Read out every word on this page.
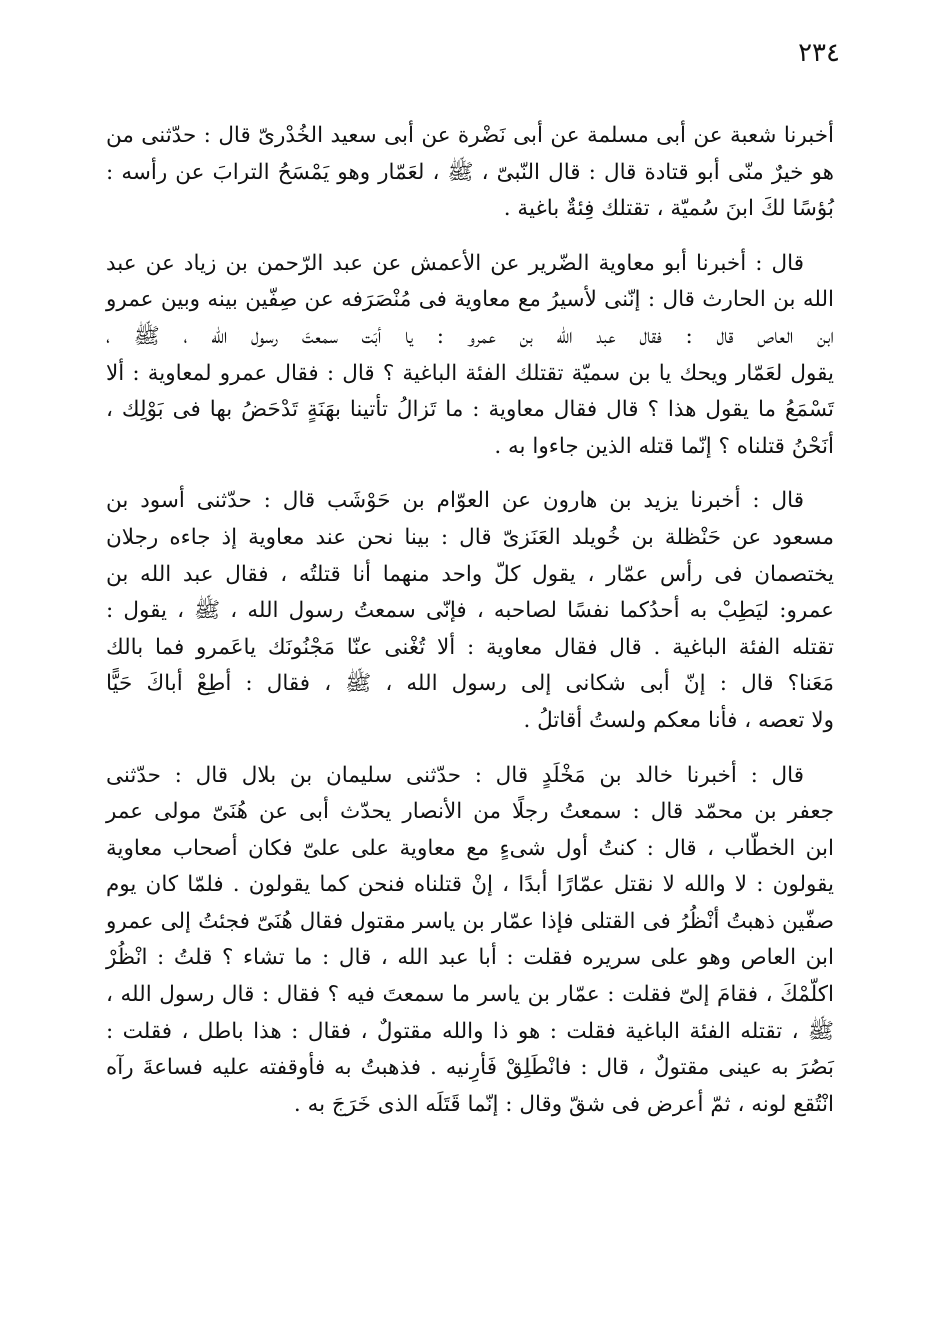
٢٣٤
أخبرنا شعبة عن أبى مسلمة عن أبى نَضْرة عن أبى سعيد الخُدْرىّ قال : حدّثنى من
هو خيرٌ منّى أبو قتادة قال : قال النّبىّ ، ﷺ ، لعَمّار وهو يَمْسَحُ الترابَ عن رأسه :
بُؤسًا لكَ ابنَ سُميّة ، تقتلك فِئةٌ باغية .
قال : أخبرنا أبو معاوية الضّرير عن الأعمش عن عبد الرّحمن بن زياد عن عبد
الله بن الحارث قال : إنّنى لأسيرُ مع معاوية فى مُنْصَرَفه عن صِفّين بينه وبين عمرو
ابن العاص قال : فقال عبد الله بن عمرو : يا أبَت سمعتَ رسول الله ، ﷺ ،
يقول لعَمّار ويحك يا بن سميّة تقتلك الفئة الباغية ؟ قال : فقال عمرو لمعاوية : ألا
تَسْمَعُ ما يقول هذا ؟ قال فقال معاوية : ما تَزالُ تأتينا بهَنَةٍ تَدْحَضُ بها فى بَوْلِك ،
أنَحْنُ قتلناه ؟ إنّما قتله الذين جاءوا به .
قال : أخبرنا يزيد بن هارون عن العوّام بن حَوْشَب قال : حدّثنى أسود بن
مسعود عن حَنْظلة بن خُويلد العَنَزىّ قال : بينا نحن عند معاوية إذ جاءه رجلان
يختصمان فى رأس عمّار ، يقول كلّ واحد منهما أنا قتلتُه ، فقال عبد الله بن
عمرو: ليَطِبْ به أحدُكما نفسًا لصاحبه ، فإنّى سمعتُ رسول الله ، ﷺ ، يقول :
تقتله الفئة الباغية . قال فقال معاوية : ألا تُغْنى عنّا مَجْنُونَك ياعَمرو فما بالك
مَعَنا؟ قال : إنّ أبى شكانى إلى رسول الله ، ﷺ ، فقال : أطِعْ أباكَ حَيًّا
ولا تعصه ، فأنا معكم ولستُ أقاتلُ .
قال : أخبرنا خالد بن مَخْلَدٍ قال : حدّثنى سليمان بن بلال قال : حدّثنى
جعفر بن محمّد قال : سمعتُ رجلًا من الأنصار يحدّث أبى عن هُنَىّ مولى عمر
ابن الخطّاب ، قال : كنتُ أول شىءٍ مع معاوية على علىّ فكان أصحاب معاوية
يقولون : لا والله لا نقتل عمّارًا أبدًا ، إنْ قتلناه فنحن كما يقولون . فلمّا كان يوم
صفّين ذهبتُ أنْظُرُ فى القتلى فإذا عمّار بن ياسر مقتول فقال هُنَىّ فجئتُ إلى عمرو
ابن العاص وهو على سريره فقلت : أبا عبد الله ، قال : ما تشاء ؟ قلتُ : انْظُرْ
اكلّمْكَ ، فقامَ إلىّ فقلت : عمّار بن ياسر ما سمعتَ فيه ؟ فقال : قال رسول الله ،
ﷺ ، تقتله الفئة الباغية فقلت : هو ذا والله مقتولٌ ، فقال : هذا باطل ، فقلت :
بَصُرَ به عينى مقتولٌ ، قال : فانْطَلِقْ فَأرِنيه . فذهبتُ به فأوقفته عليه فساعةَ رآه
انْتُقع لونه ، ثمّ أعرض فى شقّ وقال : إنّما قَتَلَه الذى خَرَجَ به .
